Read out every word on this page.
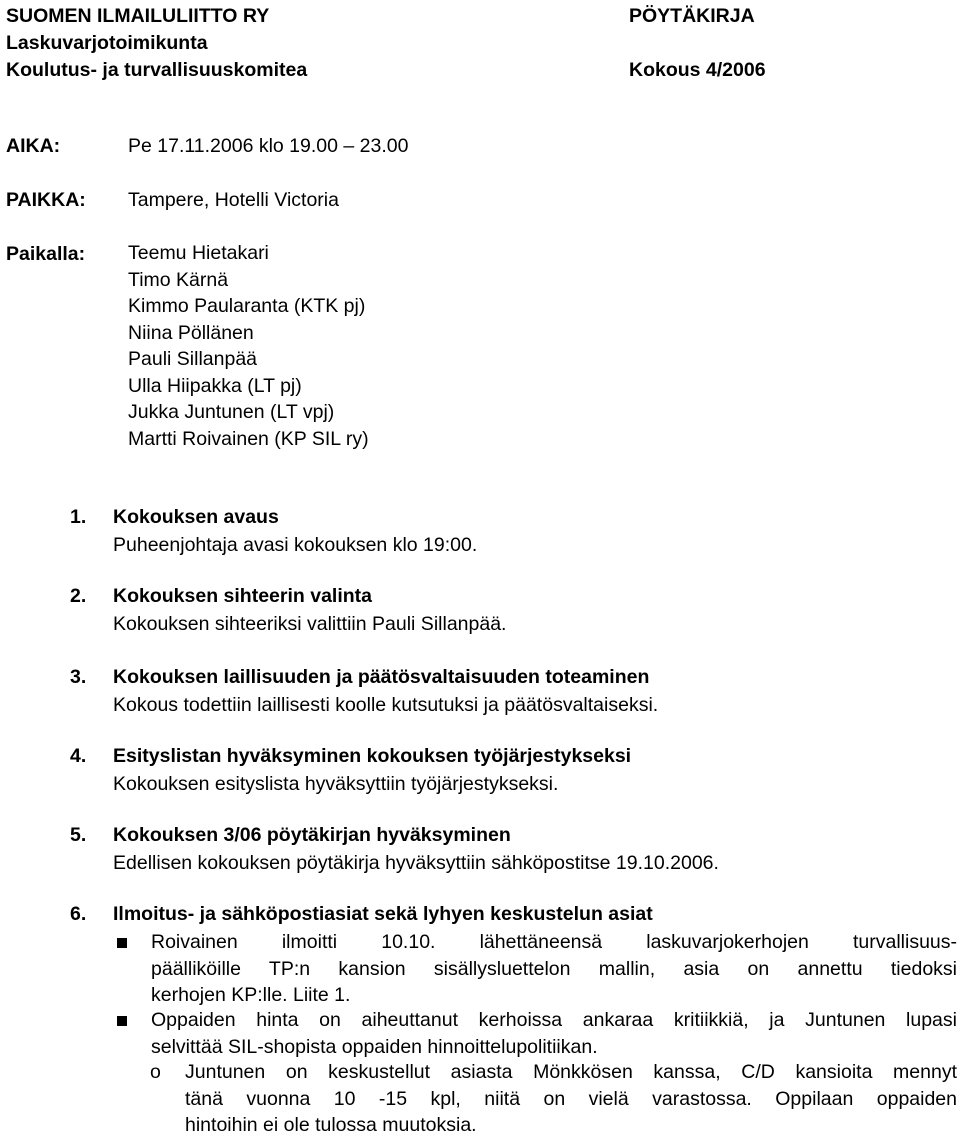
SUOMEN ILMAILULIITTO RY
Laskuvarjotoimikunta
Koulutus- ja turvallisuuskomitea
PÖYTÄKIRJA
Kokous 4/2006
AIKA:	Pe 17.11.2006 klo 19.00 – 23.00
PAIKKA: Tampere, Hotelli Victoria
Paikalla: Teemu Hietakari
Timo Kärnä
Kimmo Paularanta (KTK pj)
Niina Pöllänen
Pauli Sillanpää
Ulla Hiipakka (LT pj)
Jukka Juntunen (LT vpj)
Martti Roivainen (KP SIL ry)
1. Kokouksen avaus
Puheenjohtaja avasi kokouksen klo 19:00.
2. Kokouksen sihteerin valinta
Kokouksen sihteeriksi valittiin Pauli Sillanpää.
3. Kokouksen laillisuuden ja päätösvaltaisuuden toteaminen
Kokous todettiin laillisesti koolle kutsutuksi ja päätösvaltaiseksi.
4. Esityslistan hyväksyminen kokouksen työjärjestykseksi
Kokouksen esityslista hyväksyttiin työjärjestykseksi.
5. Kokouksen 3/06 pöytäkirjan hyväksyminen
Edellisen kokouksen pöytäkirja hyväksyttiin sähköpostitse 19.10.2006.
6. Ilmoitus- ja sähköpostiasiat sekä lyhyen keskustelun asiat
Roivainen ilmoitti 10.10. lähettäneensä laskuvarjokerhojen turvallisuus-
päälliköille TP:n kansion sisällysluettelon mallin, asia on annettu tiedoksi
kerhojen KP:lle. Liite 1.
Oppaiden hinta on aiheuttanut kerhoissa ankaraa kritiikkiä, ja Juntunen lupasi
selvittää SIL-shopista oppaiden hinnoittelupolitiikan.
o Juntunen on keskustellut asiasta Mönkkösen kanssa, C/D kansioita mennyt
tänä vuonna 10 -15 kpl, niitä on vielä varastossa. Oppilaan oppaiden
hintoihin ei ole tulossa muutoksia.
